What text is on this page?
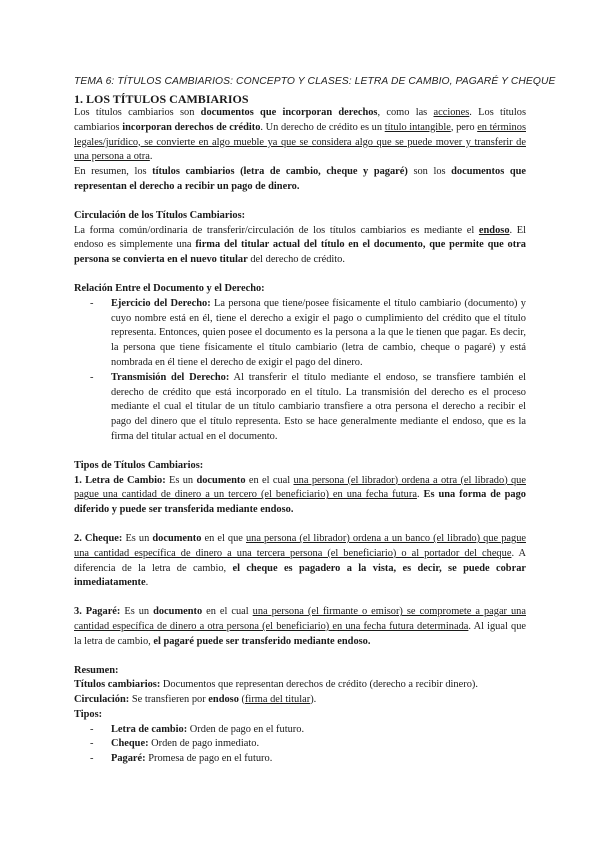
TEMA 6: TÍTULOS CAMBIARIOS: CONCEPTO Y CLASES: LETRA DE CAMBIO, PAGARÉ Y CHEQUE
1. LOS TÍTULOS CAMBIARIOS

Los títulos cambiarios son documentos que incorporan derechos, como las acciones. Los títulos cambiarios incorporan derechos de crédito. Un derecho de crédito es un título intangible, pero en términos legales/jurídico, se convierte en algo mueble ya que se considera algo que se puede mover y transferir de una persona a otra.

En resumen, los títulos cambiarios (letra de cambio, cheque y pagaré) son los documentos que representan el derecho a recibir un pago de dinero.

Circulación de los Títulos Cambiarios:

La forma común/ordinaria de transferir/circulación de los títulos cambiarios es mediante el endoso. El endoso es simplemente una firma del titular actual del título en el documento, que permite que otra persona se convierta en el nuevo titular del derecho de crédito.

Relación Entre el Documento y el Derecho:
- Ejercicio del Derecho: La persona que tiene/posee físicamente el título cambiario (documento) y cuyo nombre está en él, tiene el derecho a exigir el pago o cumplimiento del crédito que el título representa. Entonces, quien posee el documento es la persona a la que le tienen que pagar. Es decir, la persona que tiene físicamente el título cambiario (letra de cambio, cheque o pagaré) y está nombrada en él tiene el derecho de exigir el pago del dinero.
- Transmisión del Derecho: Al transferir el título mediante el endoso, se transfiere también el derecho de crédito que está incorporado en el título. La transmisión del derecho es el proceso mediante el cual el titular de un título cambiario transfiere a otra persona el derecho a recibir el pago del dinero que el título representa. Esto se hace generalmente mediante el endoso, que es la firma del titular actual en el documento.
Tipos de Títulos Cambiarios:

1. Letra de Cambio: Es un documento en el cual una persona (el librador) ordena a otra (el librado) que pague una cantidad de dinero a un tercero (el beneficiario) en una fecha futura. Es una forma de pago diferido y puede ser transferida mediante endoso.

2. Cheque: Es un documento en el que una persona (el librador) ordena a un banco (el librado) que pague una cantidad específica de dinero a una tercera persona (el beneficiario) o al portador del cheque. A diferencia de la letra de cambio, el cheque es pagadero a la vista, es decir, se puede cobrar inmediatamente.

3. Pagaré: Es un documento en el cual una persona (el firmante o emisor) se compromete a pagar una cantidad específica de dinero a otra persona (el beneficiario) en una fecha futura determinada. Al igual que la letra de cambio, el pagaré puede ser transferido mediante endoso.

Resumen:

Títulos cambiarios: Documentos que representan derechos de crédito (derecho a recibir dinero).

Circulación: Se transfieren por endoso (firma del titular).

Tipos:
- Letra de cambio: Orden de pago en el futuro.
- Cheque: Orden de pago inmediato.
- Pagaré: Promesa de pago en el futuro.
